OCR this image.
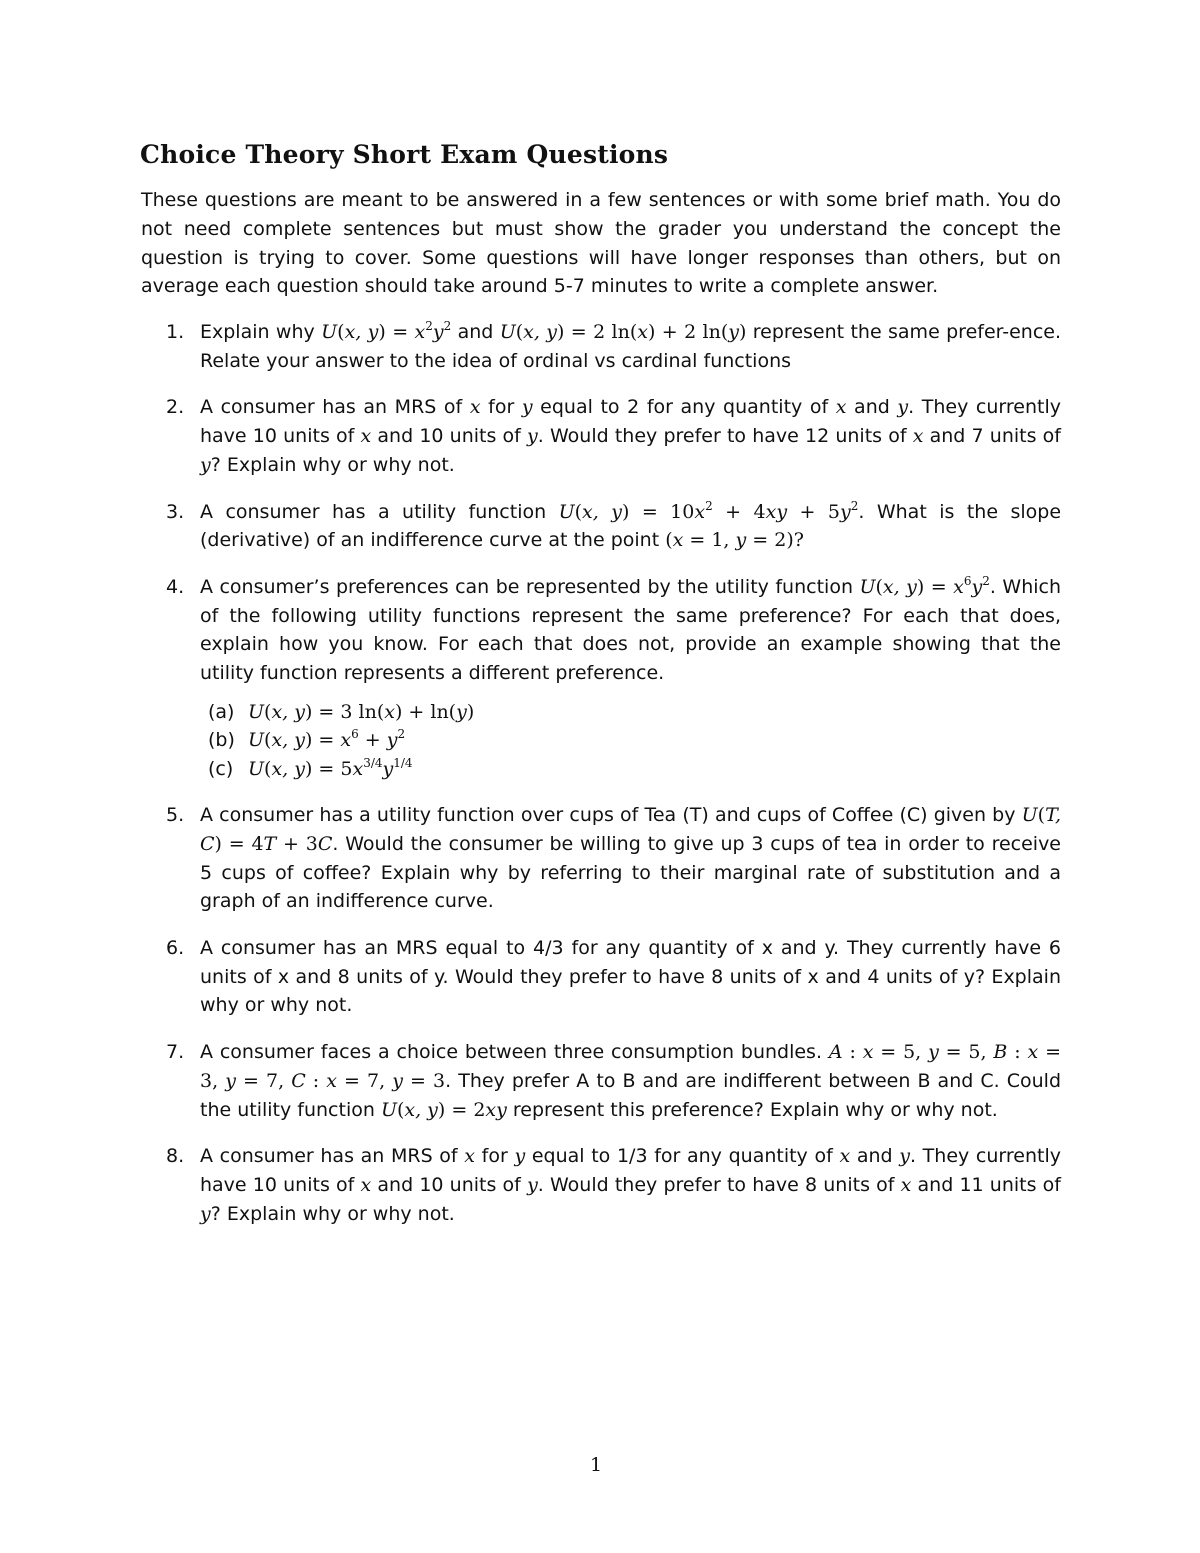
Choice Theory Short Exam Questions

These questions are meant to be answered in a few sentences or with some brief math. You do not need complete sentences but must show the grader you understand the concept the question is trying to cover. Some questions will have longer responses than others, but on average each question should take around 5-7 minutes to write a complete answer.

1. Explain why U(x, $y) = x^2y^2$ and U(x, y) = 2 ln(x) + 2 ln(y) represent the same prefer-ence. Relate your answer to the idea of ordinal vs cardinal functions
2. A consumer has an MRS of x for y equal to 2 for any quantity of x and y. They currently have 10 units of x and 10 units of y. Would they prefer to have 12 units of x and 7 units of y? Explain why or why not.
3. A consumer has a utility function U(x, $y) = 10x^2 + 4xy + 5y^2$. What is the slope (derivative) of an indifference curve at the point (x = 1, y = 2)?
4. A consumer’s preferences can be represented by the utility function U(x, $y) = x^6y^2$. Which of the following utility functions represent the same preference? For each that does, explain how you know. For each that does not, provide an example showing that the utility function represents a different preference.
(a) U(x, y) = 3 ln(x) + ln(y)
(b) U(x, $y) = x^6 + y^2$
(c) U(x, $y) = 5x^{3/4}y^{1/4}$
5. A consumer has a utility function over cups of Tea (T) and cups of Coffee (C) given by U(T, C) = 4T + 3C. Would the consumer be willing to give up 3 cups of tea in order to receive 5 cups of coffee? Explain why by referring to their marginal rate of substitution and a graph of an indifference curve.
6. A consumer has an MRS equal to 4/3 for any quantity of x and y. They currently have 6 units of x and 8 units of y. Would they prefer to have 8 units of x and 4 units of y? Explain why or why not.
7. A consumer faces a choice between three consumption bundles. A : x = 5, y = 5, B : x = 3, y = 7, C : x = 7, y = 3. They prefer A to B and are indifferent between B and C. Could the utility function U(x, y) = 2xy represent this preference? Explain why or why not.
8. A consumer has an MRS of x for y equal to 1/3 for any quantity of x and y. They currently have 10 units of x and 10 units of y. Would they prefer to have 8 units of x and 11 units of y? Explain why or why not.
1
